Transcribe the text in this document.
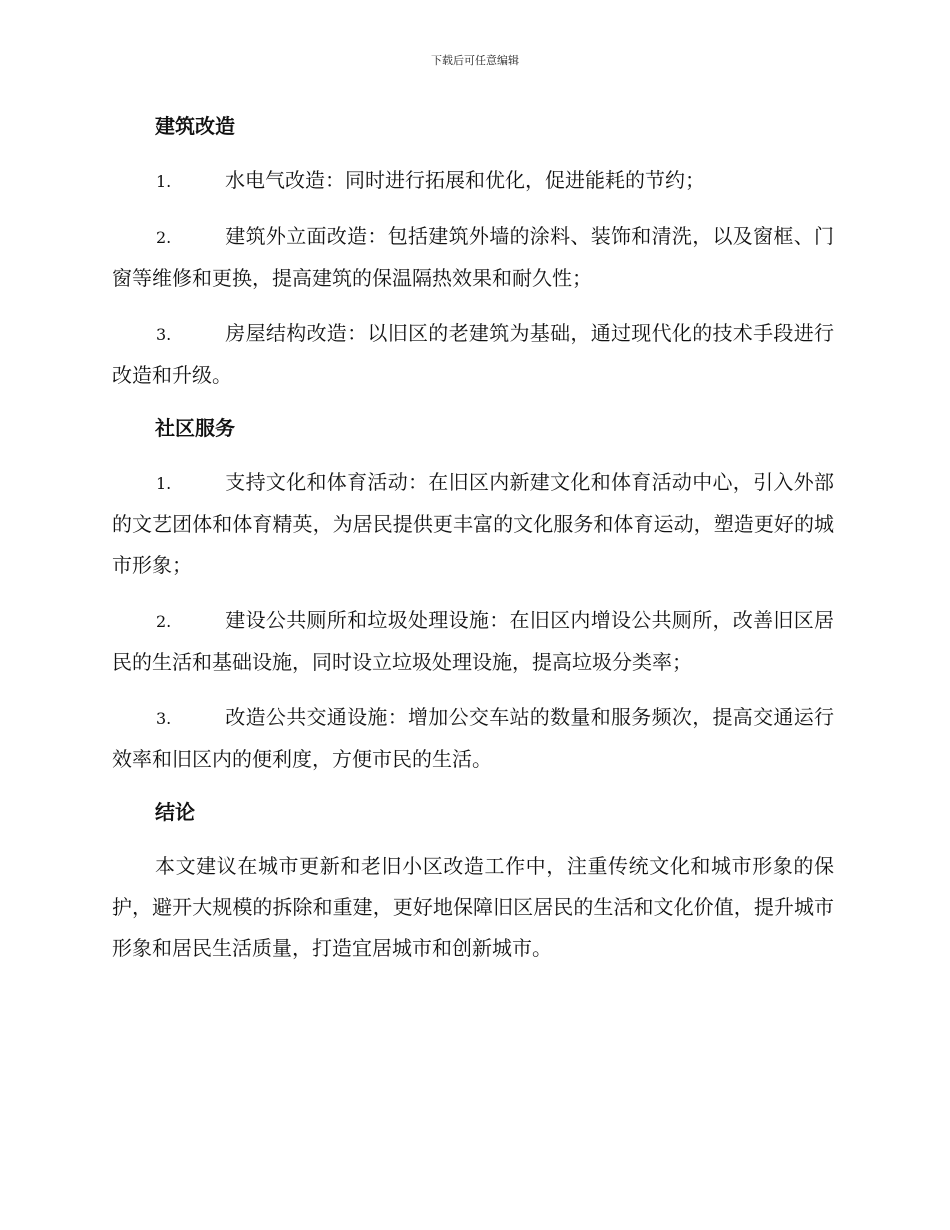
下载后可任意编辑
建筑改造

1.	水电气改造：同时进行拓展和优化，促进能耗的节约；

2.	建筑外立面改造：包括建筑外墙的涂料、装饰和清洗，以及窗框、门窗等维修和更换，提高建筑的保温隔热效果和耐久性；

3.	房屋结构改造：以旧区的老建筑为基础，通过现代化的技术手段进行改造和升级。

社区服务

1.	支持文化和体育活动：在旧区内新建文化和体育活动中心，引入外部的文艺团体和体育精英，为居民提供更丰富的文化服务和体育运动，塑造更好的城市形象；

2.	建设公共厕所和垃圾处理设施：在旧区内增设公共厕所，改善旧区居民的生活和基础设施，同时设立垃圾处理设施，提高垃圾分类率；

3.	改造公共交通设施：增加公交车站的数量和服务频次，提高交通运行效率和旧区内的便利度，方便市民的生活。

结论

本文建议在城市更新和老旧小区改造工作中，注重传统文化和城市形象的保护，避开大规模的拆除和重建，更好地保障旧区居民的生活和文化价值，提升城市形象和居民生活质量，打造宜居城市和创新城市。
